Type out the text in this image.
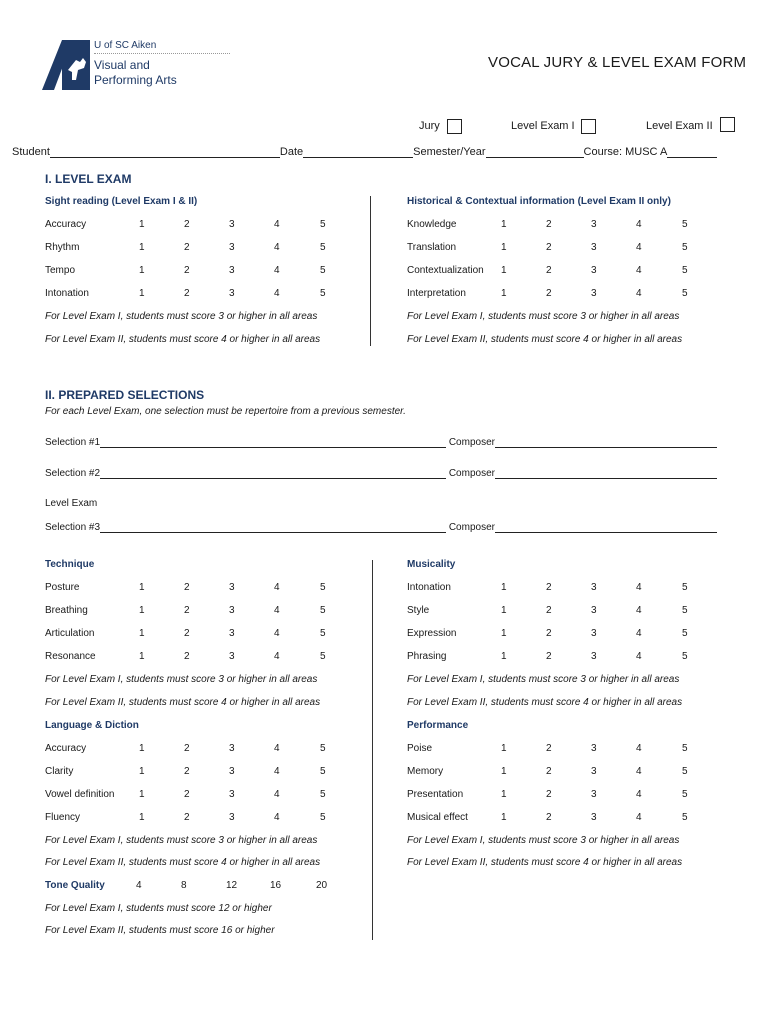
U of SC Aiken
Visual and
Performing Arts
VOCAL JURY & LEVEL EXAM FORM
Jury	Level Exam I	Level Exam II
Student	Date	Semester/Year	Course: MUSC A
I. LEVEL EXAM
Sight reading (Level Exam I & II)	Historical & Contextual information (Level Exam II only)
Accuracy	1	2	3	4	5
Rhythm	1	2	3	4	5
Tempo	1	2	3	4	5
Intonation	1	2	3	4	5
Knowledge	1	2	3	4	5
Translation	1	2	3	4	5
Contextualization 1	2	3	4	5
Interpretation	1	2	3	4	5
For Level Exam I, students must score 3 or higher in all areas
For Level Exam II, students must score 4 or higher in all areas
For Level Exam I, students must score 3 or higher in all areas
For Level Exam II, students must score 4 or higher in all areas
II. PREPARED SELECTIONS
For each Level Exam, one selection must be repertoire from a previous semester.
Selection #1	Composer
Selection #2	Composer
Level Exam
Selection #3	Composer
Technique	Musicality
Posture	1	2	3	4	5
Breathing	1	2	3	4	5
Articulation	1	2	3	4	5
Resonance	1	2	3	4	5
Intonation	1	2	3	4	5
Style	1	2	3	4	5
Expression	1	2	3	4	5
Phrasing	1	2	3	4	5
For Level Exam I, students must score 3 or higher in all areas
For Level Exam II, students must score 4 or higher in all areas
For Level Exam I, students must score 3 or higher in all areas
For Level Exam II, students must score 4 or higher in all areas
Language & Diction	Performance
Accuracy	1	2	3	4	5
Clarity	1	2	3	4	5
Vowel definition 1	2	3	4	5
Fluency	1	2	3	4	5
Poise	1	2	3	4	5
Memory	1	2	3	4	5
Presentation	1	2	3	4	5
Musical effect	1	2	3	4	5
For Level Exam I, students must score 3 or higher in all areas
For Level Exam II, students must score 4 or higher in all areas
For Level Exam I, students must score 3 or higher in all areas
For Level Exam II, students must score 4 or higher in all areas
Tone Quality	4	8	12	16	20
For Level Exam I, students must score 12 or higher
For Level Exam II, students must score 16 or higher
